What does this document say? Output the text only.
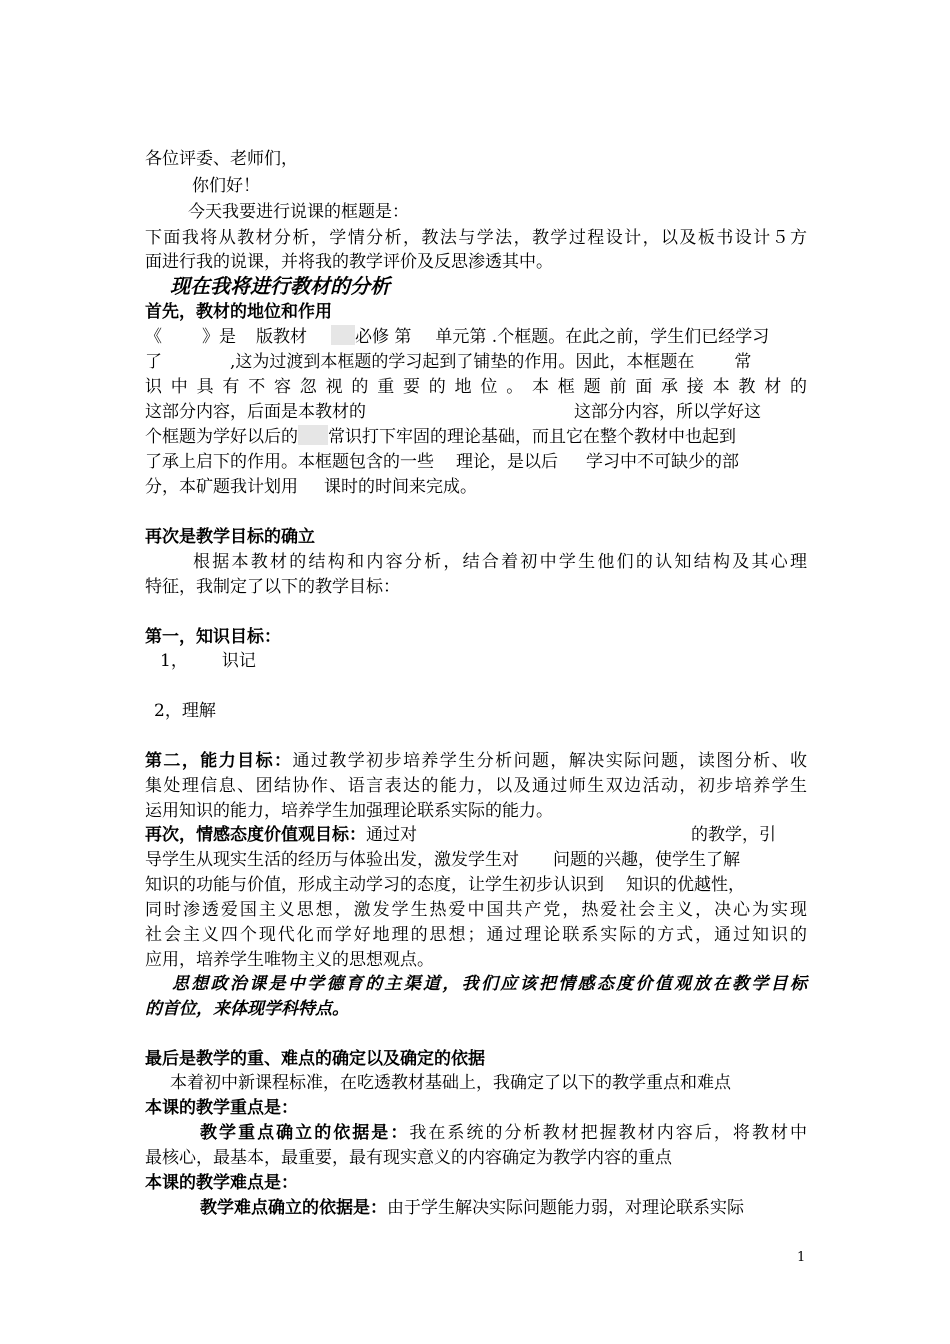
各位评委、老师们，
你们好！
今天我要进行说课的框题是：
下面我将从教材分析，学情分析，教法与学法，教学过程设计，以及板书设计５方
面进行我的说课，并将我的教学评价及反思渗透其中。
现在我将进行教材的分析
首先，教材的地位和作用
《 》是 版教材	必修 第 单元第 .个框题。在此之前，学生们已经学习
了	,这为过渡到本框题的学习起到了铺垫的作用。因此，本框题在 常
识 中 具 有 不 容 忽 视 的 重 要 的 地 位 。 本 框 题 前 面 承 接 本 教 材 的
这部分内容，后面是本教材的	这部分内容，所以学好这
个框题为学好以后的 常识打下牢固的理论基础，而且它在整个教材中也起到
了承上启下的作用。本框题包含的一些 理论，是以后 学习中不可缺少的部
分，本矿题我计划用 课时的时间来完成。
再次是教学目标的确立
根据本教材的结构和内容分析，结合着初中学生他们的认知结构及其心理
特征，我制定了以下的教学目标：
第一，知识目标：
1， 识记
2，理解
第二，能力目标：通过教学初步培养学生分析问题，解决实际问题，读图分析、收
集处理信息、团结协作、语言表达的能力，以及通过师生双边活动，初步培养学生
运用知识的能力，培养学生加强理论联系实际的能力。
再次，情感态度价值观目标：通过对	的教学，引
导学生从现实生活的经历与体验出发，激发学生对 问题的兴趣，使学生了解
知识的功能与价值，形成主动学习的态度，让学生初步认识到 知识的优越性，
同时渗透爱国主义思想，激发学生热爱中国共产党，热爱社会主义，决心为实现
社会主义四个现代化而学好地理的思想；通过理论联系实际的方式，通过知识的
应用，培养学生唯物主义的思想观点。
思想政治课是中学德育的主渠道，我们应该把情感态度价值观放在教学目标
的首位，来体现学科特点。
最后是教学的重、难点的确定以及确定的依据
本着初中新课程标准，在吃透教材基础上，我确定了以下的教学重点和难点
本课的教学重点是：
教学重点确立的依据是：我在系统的分析教材把握教材内容后，将教材中
最核心，最基本，最重要，最有现实意义的内容确定为教学内容的重点
本课的教学难点是：
教学难点确立的依据是：由于学生解决实际问题能力弱，对理论联系实际
1
